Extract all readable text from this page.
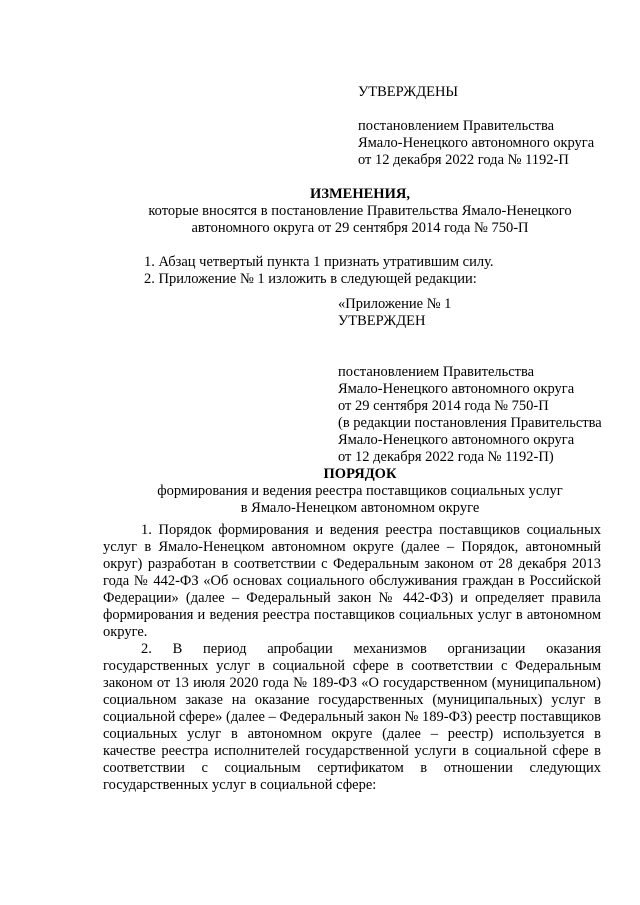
УТВЕРЖДЕНЫ
постановлением Правительства
Ямало-Ненецкого автономного округа
от 12 декабря 2022 года № 1192-П
ИЗМЕНЕНИЯ,
которые вносятся в постановление Правительства Ямало-Ненецкого
автономного округа от 29 сентября 2014 года № 750-П
1. Абзац четвертый пункта 1 признать утратившим силу.
2. Приложение № 1 изложить в следующей редакции:
«Приложение № 1
УТВЕРЖДЕН
постановлением Правительства
Ямало-Ненецкого автономного округа
от 29 сентября 2014 года № 750-П
(в редакции постановления Правительства
Ямало-Ненецкого автономного округа
от 12 декабря 2022 года № 1192-П)
ПОРЯДОК
формирования и ведения реестра поставщиков социальных услуг
в Ямало-Ненецком автономном округе

1. Порядок формирования и ведения реестра поставщиков социальных услуг в Ямало-Ненецком автономном округе (далее – Порядок, автономный округ) разработан в соответствии с Федеральным законом от 28 декабря 2013 года № 442-ФЗ «Об основах социального обслуживания граждан в Российской Федерации» (далее – Федеральный закон № 442-ФЗ) и определяет правила формирования и ведения реестра поставщиков социальных услуг в автономном округе.

2. В период апробации механизмов организации оказания государственных услуг в социальной сфере в соответствии с Федеральным законом от 13 июля 2020 года № 189-ФЗ «О государственном (муниципальном) социальном заказе на оказание государственных (муниципальных) услуг в социальной сфере» (далее – Федеральный закон № 189-ФЗ) реестр поставщиков социальных услуг в автономном округе (далее – реестр) используется в качестве реестра исполнителей государственной услуги в социальной сфере в соответствии с социальным сертификатом в отношении следующих государственных услуг в социальной сфере:
